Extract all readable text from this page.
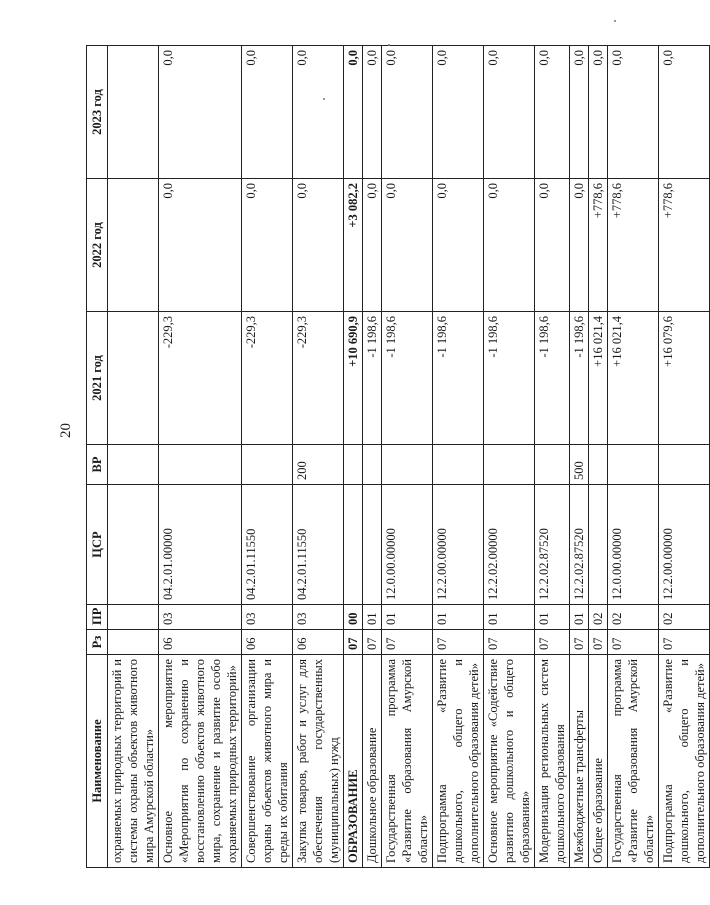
20
Наименование	Рз	ПР	ЦСР	ВР	2021 год	2022 год	2023 год
охраняемых природных территорий и системы охраны объектов животного мира Амурской области»							
Основное мероприятие «Мероприятия по сохранению и восстановлению объектов животного мира, сохранение и развитие особо охраняемых природных территорий»	06	03	04.2.01.00000		-229,3	0,0	0,0
Совершенствование организации охраны объектов животного мира и среды их обитания	06	03	04.2.01.11550		-229,3	0,0	0,0
Закупка товаров, работ и услуг для обеспечения государственных (муниципальных) нужд	06	03	04.2.01.11550	200	-229,3	0,0	0,0
ОБРАЗОВАНИЕ	07	00			+10 690,9	+3 082,2	0,0
Дошкольное образование	07	01			-1 198,6	0,0	0,0
Государственная программа «Развитие образования Амурской области»	07	01	12.0.00.00000		-1 198,6	0,0	0,0
Подпрограмма «Развитие дошкольного, общего и дополнительного образования детей»	07	01	12.2.00.00000		-1 198,6	0,0	0,0
Основное мероприятие «Содействие развитию дошкольного и общего образования»	07	01	12.2.02.00000		-1 198,6	0,0	0,0
Модернизация региональных систем дошкольного образования	07	01	12.2.02.87520		-1 198,6	0,0	0,0
Межбюджетные трансферты	07	01	12.2.02.87520	500	-1 198,6	0,0	0,0
Общее образование	07	02			+16 021,4	+778,6	0,0
Государственная программа «Развитие образования Амурской области»	07	02	12.0.00.00000		+16 021,4	+778,6	0,0
Подпрограмма «Развитие дошкольного, общего и дополнительного образования детей»	07	02	12.2.00.00000		+16 079,6	+778,6	0,0
